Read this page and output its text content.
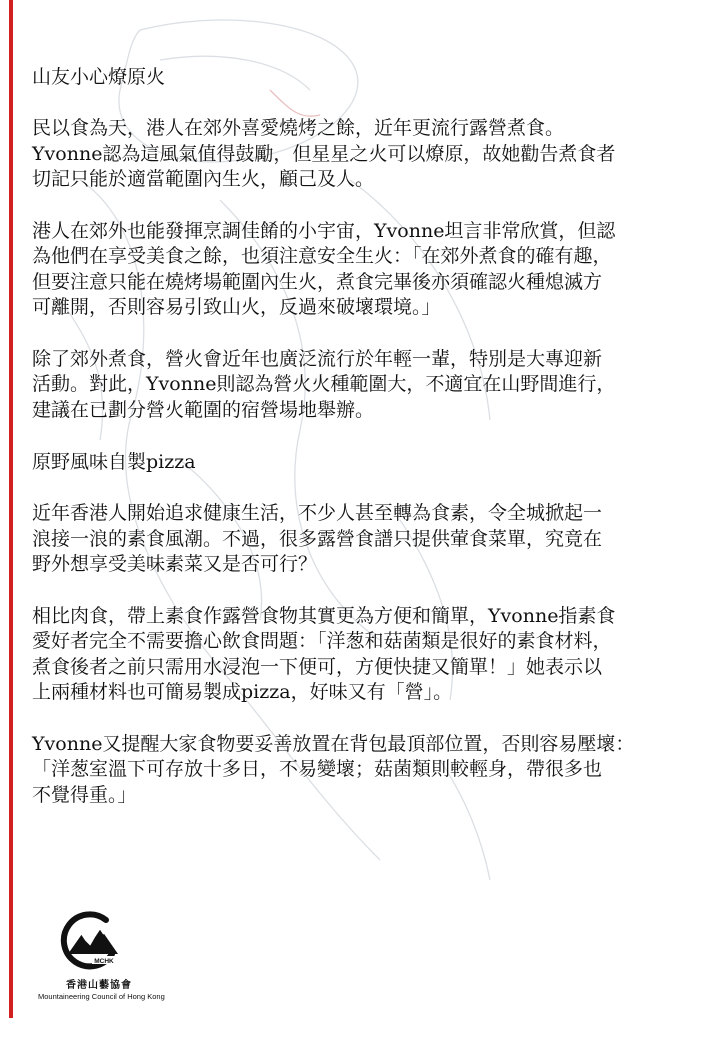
山友小心燎原火
民以食為天，港人在郊外喜愛燒烤之餘，近年更流行露營煮食。
Yvonne認為這風氣值得鼓勵，但星星之火可以燎原，故她勸告煮食者
切記只能於適當範圍內生火，顧己及人。
港人在郊外也能發揮烹調佳餚的小宇宙，Yvonne坦言非常欣賞，但認
為他們在享受美食之餘，也須注意安全生火：「在郊外煮食的確有趣，
但要注意只能在燒烤場範圍內生火，煮食完畢後亦須確認火種熄滅方
可離開，否則容易引致山火，反過來破壞環境。」
除了郊外煮食，營火會近年也廣泛流行於年輕一輩，特別是大專迎新
活動。對此，Yvonne則認為營火火種範圍大，不適宜在山野間進行，
建議在已劃分營火範圍的宿營場地舉辦。
原野風味自製pizza
近年香港人開始追求健康生活，不少人甚至轉為食素，令全城掀起一
浪接一浪的素食風潮。不過，很多露營食譜只提供葷食菜單，究竟在
野外想享受美味素菜又是否可行？
相比肉食，帶上素食作露營食物其實更為方便和簡單，Yvonne指素食
愛好者完全不需要擔心飲食問題：「洋葱和菇菌類是很好的素食材料，
煮食後者之前只需用水浸泡一下便可，方便快捷又簡單！」她表示以
上兩種材料也可簡易製成pizza，好味又有「營」。
Yvonne又提醒大家食物要妥善放置在背包最頂部位置，否則容易壓壞：
「洋葱室溫下可存放十多日，不易變壞；菇菌類則較輕身，帶很多也
不覺得重。」
MCHK
香港山藝協會
Mountaineering Council of Hong Kong
